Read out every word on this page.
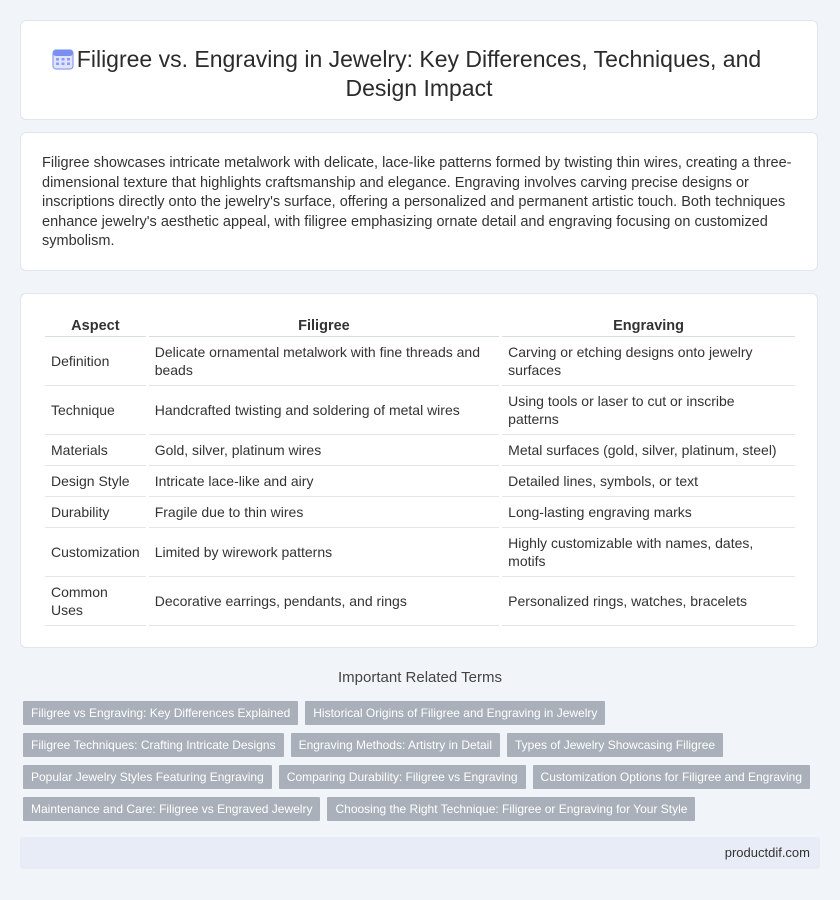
Filigree vs. Engraving in Jewelry: Key Differences, Techniques, and Design Impact

Filigree showcases intricate metalwork with delicate, lace-like patterns formed by twisting thin wires, creating a three-dimensional texture that highlights craftsmanship and elegance. Engraving involves carving precise designs or inscriptions directly onto the jewelry's surface, offering a personalized and permanent artistic touch. Both techniques enhance jewelry's aesthetic appeal, with filigree emphasizing ornate detail and engraving focusing on customized symbolism.

Aspect	Filigree	Engraving
Definition	Delicate ornamental metalwork with fine threads and beads	Carving or etching designs onto jewelry surfaces
Technique	Handcrafted twisting and soldering of metal wires	Using tools or laser to cut or inscribe patterns
Materials	Gold, silver, platinum wires	Metal surfaces (gold, silver, platinum, steel)
Design Style	Intricate lace-like and airy	Detailed lines, symbols, or text
Durability	Fragile due to thin wires	Long-lasting engraving marks
Customization	Limited by wirework patterns	Highly customizable with names, dates, motifs
Common Uses	Decorative earrings, pendants, and rings	Personalized rings, watches, bracelets
Important Related Terms
Filigree vs Engraving: Key Differences Explained	Historical Origins of Filigree and Engraving in Jewelry
Filigree Techniques: Crafting Intricate Designs	Engraving Methods: Artistry in Detail	Types of Jewelry Showcasing Filigree
Popular Jewelry Styles Featuring Engraving	Comparing Durability: Filigree vs Engraving	Customization Options for Filigree and Engraving
Maintenance and Care: Filigree vs Engraved Jewelry	Choosing the Right Technique: Filigree or Engraving for Your Style
productdif.com
